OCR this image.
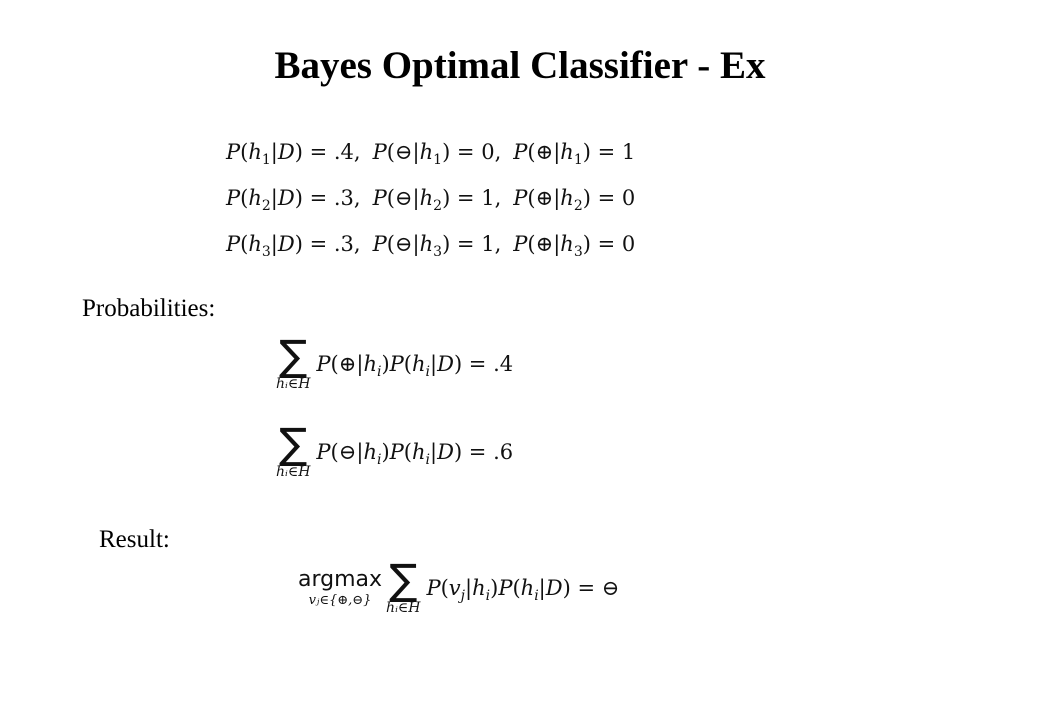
Bayes Optimal Classifier - Ex
$P(h_1|D) = .4$, $P(⊖|h_1) = 0$, $P(\oplus|h_1) = 1$
$P(h_2|D) = .3$, $P(⊖|h_2) = 1$, $P(\oplus|h_2) = 0$
$P(h_3|D) = .3$, $P(⊖|h_3) = 1$, $P(\oplus|h_3) = 0$
Probabilities:
∑
hᵢ∈H
$P(\oplus|h_i)P(h_i|D) = .4$
∑
hᵢ∈H
$P(⊖|h_i)P(h_i|D) = .6$
Result:
argmax
vⱼ∈{⊕,⊖} ∑
hᵢ∈H
$P(v_j|h_i)P(h_i|D)$ = ⊖
